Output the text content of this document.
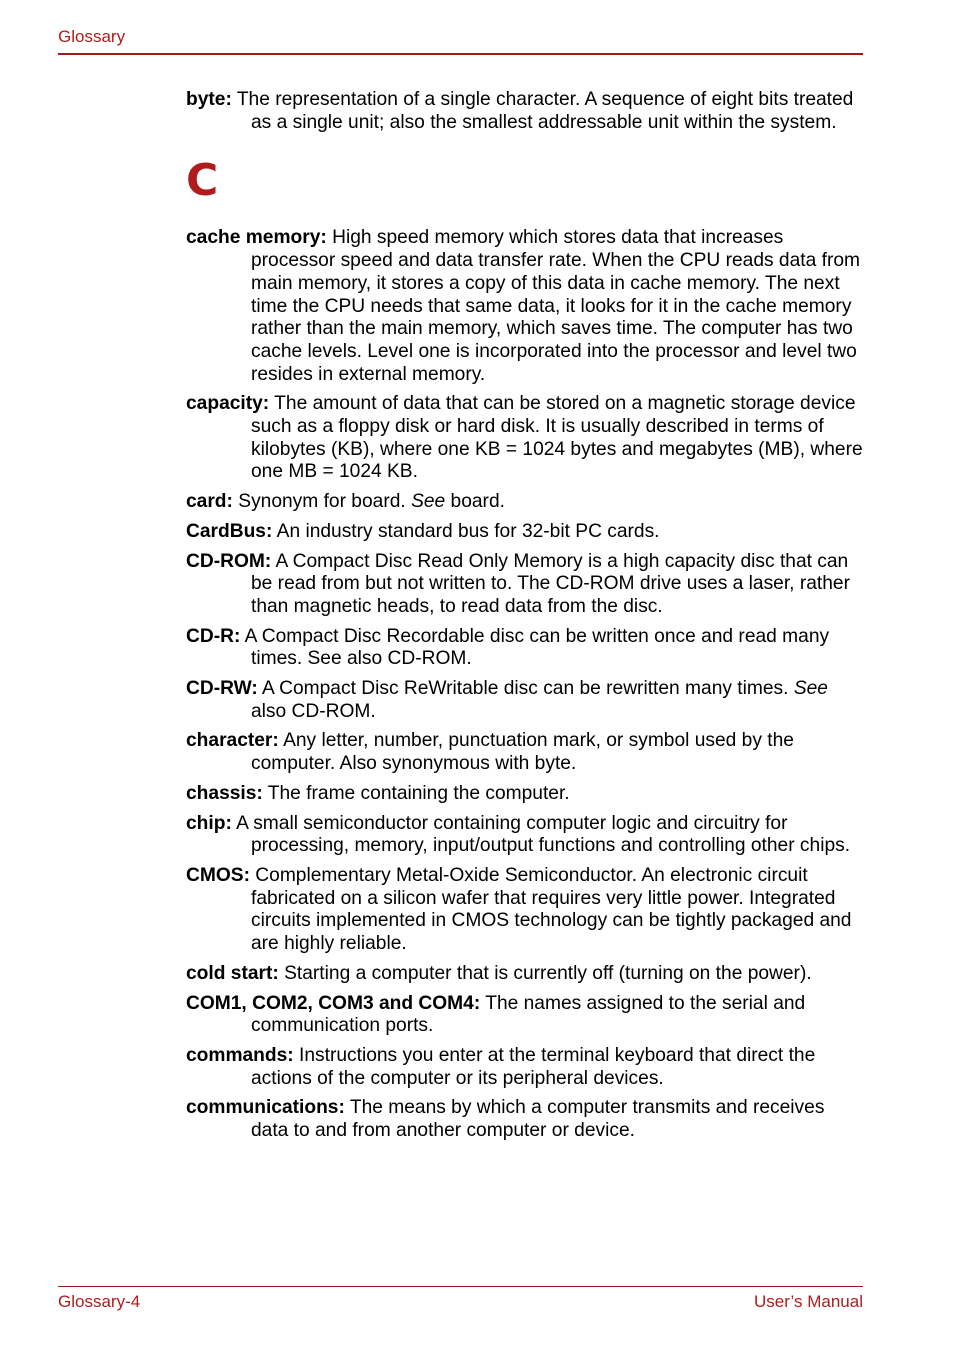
Glossary

byte: The representation of a single character. A sequence of eight bits treated as a single unit; also the smallest addressable unit within the system.

C

cache memory: High speed memory which stores data that increases processor speed and data transfer rate. When the CPU reads data from main memory, it stores a copy of this data in cache memory. The next time the CPU needs that same data, it looks for it in the cache memory rather than the main memory, which saves time. The computer has two cache levels. Level one is incorporated into the processor and level two resides in external memory.

capacity: The amount of data that can be stored on a magnetic storage device such as a floppy disk or hard disk. It is usually described in terms of kilobytes (KB), where one KB = 1024 bytes and megabytes (MB), where one MB = 1024 KB.

card: Synonym for board. See board.

CardBus: An industry standard bus for 32-bit PC cards.

CD-ROM: A Compact Disc Read Only Memory is a high capacity disc that can be read from but not written to. The CD-ROM drive uses a laser, rather than magnetic heads, to read data from the disc.

CD-R: A Compact Disc Recordable disc can be written once and read many times. See also CD-ROM.

CD-RW: A Compact Disc ReWritable disc can be rewritten many times. See also CD-ROM.

character: Any letter, number, punctuation mark, or symbol used by the computer. Also synonymous with byte.

chassis: The frame containing the computer.

chip: A small semiconductor containing computer logic and circuitry for processing, memory, input/output functions and controlling other chips.

CMOS: Complementary Metal-Oxide Semiconductor. An electronic circuit fabricated on a silicon wafer that requires very little power. Integrated circuits implemented in CMOS technology can be tightly packaged and are highly reliable.

cold start: Starting a computer that is currently off (turning on the power).

COM1, COM2, COM3 and COM4: The names assigned to the serial and communication ports.

commands: Instructions you enter at the terminal keyboard that direct the actions of the computer or its peripheral devices.

communications: The means by which a computer transmits and receives data to and from another computer or device.

Glossary-4	User’s Manual
